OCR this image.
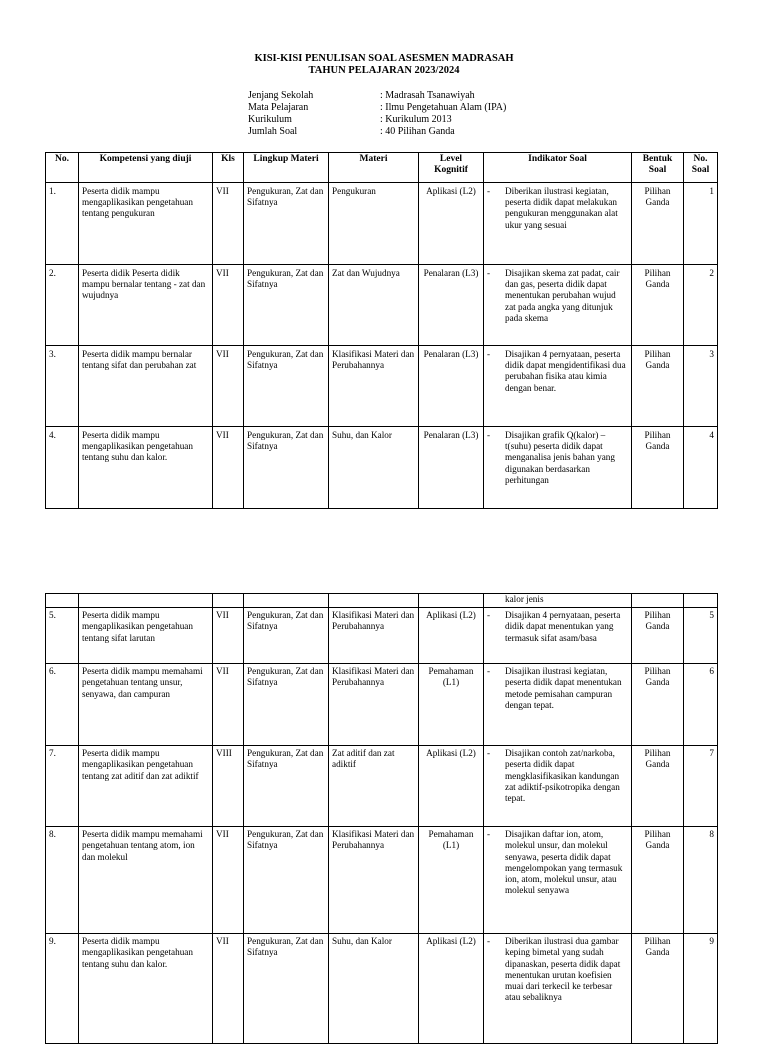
KISI-KISI PENULISAN SOAL ASESMEN MADRASAH
TAHUN PELAJARAN 2023/2024
Jenjang Sekolah	: Madrasah Tsanawiyah
Mata Pelajaran	: Ilmu Pengetahuan Alam (IPA)
Kurikulum	: Kurikulum 2013
Jumlah Soal	: 40 Pilihan Ganda
No.	Kompetensi yang diuji	Kls	Lingkup Materi	Materi	Level Kognitif	Indikator Soal	Bentuk Soal	No. Soal
1.	Peserta didik mampu mengaplikasikan pengetahuan tentang pengukuran	VII	Pengukuran, Zat dan Sifatnya	Pengukuran	Aplikasi (L2)	- Diberikan ilustrasi kegiatan, peserta didik dapat melakukan pengukuran menggunakan alat ukur yang sesuai	Pilihan Ganda	1
2.	Peserta didik Peserta didik mampu bernalar tentang - zat dan wujudnya	VII	Pengukuran, Zat dan Sifatnya	Zat dan Wujudnya	Penalaran (L3)	- Disajikan skema zat padat, cair dan gas, peserta didik dapat menentukan perubahan wujud zat pada angka yang ditunjuk pada skema	Pilihan Ganda	2
3.	Peserta didik mampu bernalar tentang sifat dan perubahan zat	VII	Pengukuran, Zat dan Sifatnya	Klasifikasi Materi dan Perubahannya	Penalaran (L3)	- Disajikan 4 pernyataan, peserta didik dapat mengidentifikasi dua perubahan fisika atau kimia dengan benar.	Pilihan Ganda	3
4.	Peserta didik mampu mengaplikasikan pengetahuan tentang suhu dan kalor.	VII	Pengukuran, Zat dan Sifatnya	Suhu, dan Kalor	Penalaran (L3)	- Disajikan grafik Q(kalor) – t(suhu) peserta didik dapat menganalisa jenis bahan yang digunakan berdasarkan perhitungan	Pilihan Ganda	4
						kalor jenis		
5.	Peserta didik mampu mengaplikasikan pengetahuan tentang sifat larutan	VII	Pengukuran, Zat dan Sifatnya	Klasifikasi Materi dan Perubahannya	Aplikasi (L2)	- Disajikan 4 pernyataan, peserta didik dapat menentukan yang termasuk sifat asam/basa	Pilihan Ganda	5
6.	Peserta didik mampu memahami pengetahuan tentang unsur, senyawa, dan campuran	VII	Pengukuran, Zat dan Sifatnya	Klasifikasi Materi dan Perubahannya	Pemahaman (L1)	- Disajikan ilustrasi kegiatan, peserta didik dapat menentukan metode pemisahan campuran dengan tepat.	Pilihan Ganda	6
7.	Peserta didik mampu mengaplikasikan pengetahuan tentang zat aditif dan zat adiktif	VIII	Pengukuran, Zat dan Sifatnya	Zat aditif dan zat adiktif	Aplikasi (L2)	- Disajikan contoh zat/narkoba, peserta didik dapat mengklasifikasikan kandungan zat adiktif-psikotropika dengan tepat.	Pilihan Ganda	7
8.	Peserta didik mampu memahami pengetahuan tentang atom, ion dan molekul	VII	Pengukuran, Zat dan Sifatnya	Klasifikasi Materi dan Perubahannya	Pemahaman (L1)	- Disajikan daftar ion, atom, molekul unsur, dan molekul senyawa, peserta didik dapat mengelompokan yang termasuk ion, atom, molekul unsur, atau molekul senyawa	Pilihan Ganda	8
9.	Peserta didik mampu mengaplikasikan pengetahuan tentang suhu dan kalor.	VII	Pengukuran, Zat dan Sifatnya	Suhu, dan Kalor	Aplikasi (L2)	- Diberikan ilustrasi dua gambar keping bimetal yang sudah dipanaskan, peserta didik dapat menentukan urutan koefisien muai dari terkecil ke terbesar atau sebaliknya	Pilihan Ganda	9
